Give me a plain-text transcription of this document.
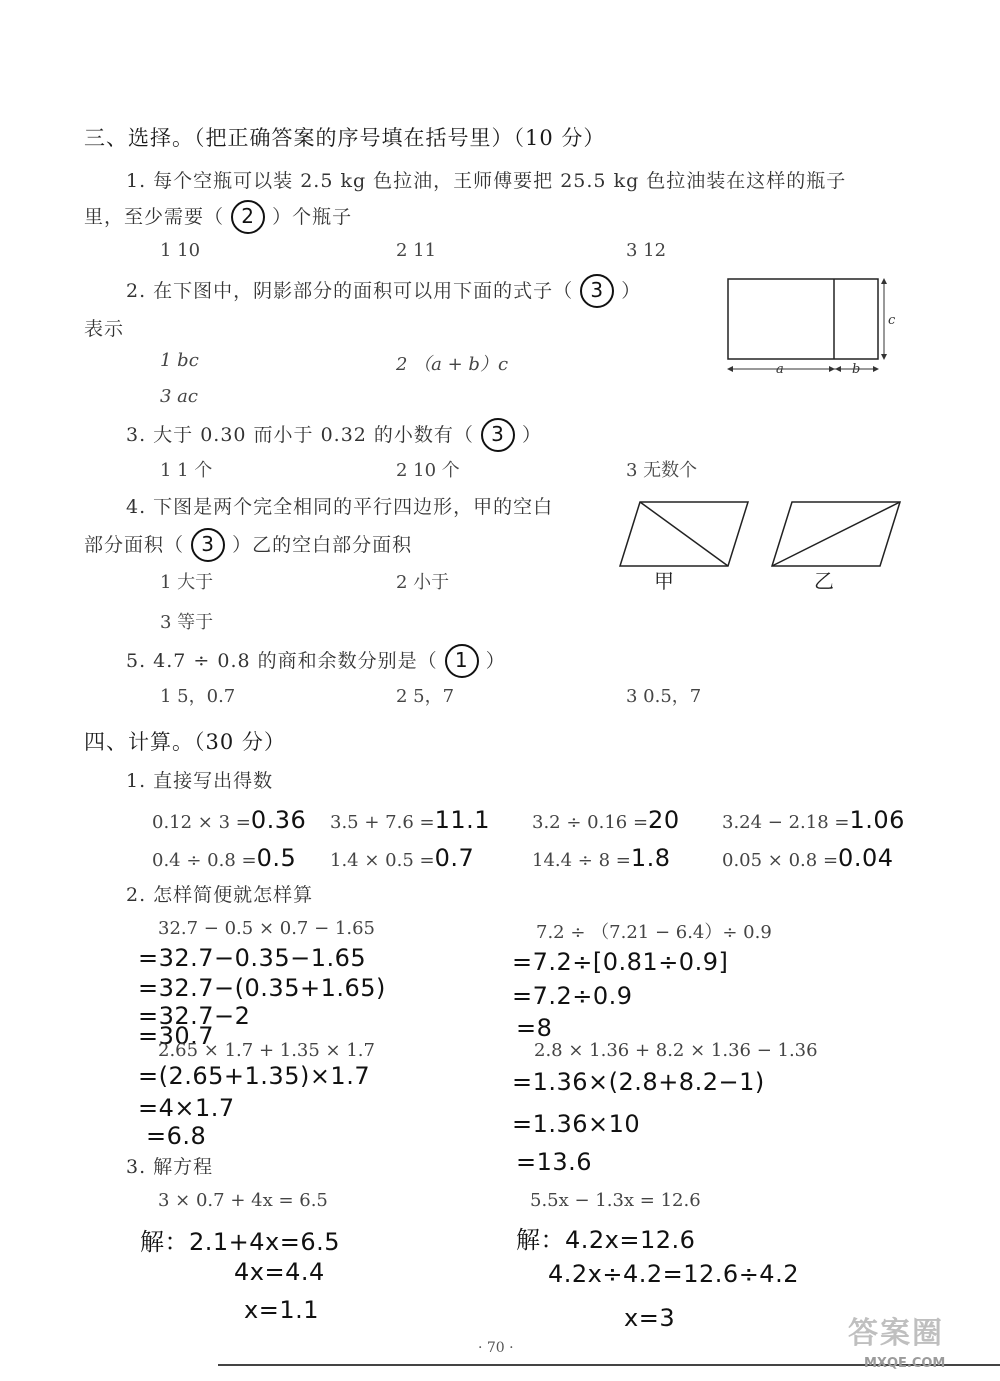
三、选择。（把正确答案的序号填在括号里）（10 分）
1. 每个空瓶可以装 2.5 kg 色拉油，王师傅要把 25.5 kg 色拉油装在这样的瓶子
里，至少需要（ 2 ）个瓶子
1 10	2 11	3 12
2. 在下图中，阴影部分的面积可以用下面的式子（ 3 ）
表示
1 bc	2 （a + b）c
3 ac
c
a	b
3. 大于 0.30 而小于 0.32 的小数有（ 3 ）
1 1 个	2 10 个	3 无数个
4. 下图是两个完全相同的平行四边形，甲的空白
部分面积（ 3 ）乙的空白部分面积
1 大于	2 小于
3 等于
甲	乙
5. 4.7 ÷ 0.8 的商和余数分别是（ 1 ）
1 5，0.7	2 5，7	3 0.5，7
四、计算。（30 分）
1. 直接写出得数
0.12 × 3 =0.36 3.5 + 7.6 =11.1 3.2 ÷ 0.16 =20 3.24 − 2.18 =1.06
0.4 ÷ 0.8 =0.5 1.4 × 0.5 =0.7	14.4 ÷ 8 =1.8	0.05 × 0.8 =0.04
2. 怎样简便就怎样算
32.7 − 0.5 × 0.7 − 1.65
=32.7−0.35−1.65
=32.7−(0.35+1.65)
=32.7−2
=30.7
7.2 ÷ （7.21 − 6.4）÷ 0.9
=7.2÷[0.81÷0.9]
=7.2÷0.9
=8
2.65 × 1.7 + 1.35 × 1.7
=(2.65+1.35)×1.7
=4×1.7
=6.8
2.8 × 1.36 + 8.2 × 1.36 − 1.36
=1.36×(2.8+8.2−1)
=1.36×10
=13.6
3. 解方程
3 × 0.7 + 4x = 6.5
解：2.1+4x=6.5
4x=4.4
x=1.1
5.5x − 1.3x = 12.6
解：4.2x=12.6
4.2x÷4.2=12.6÷4.2
x=3
· 70 ·	答案圈
MXQE.COM
